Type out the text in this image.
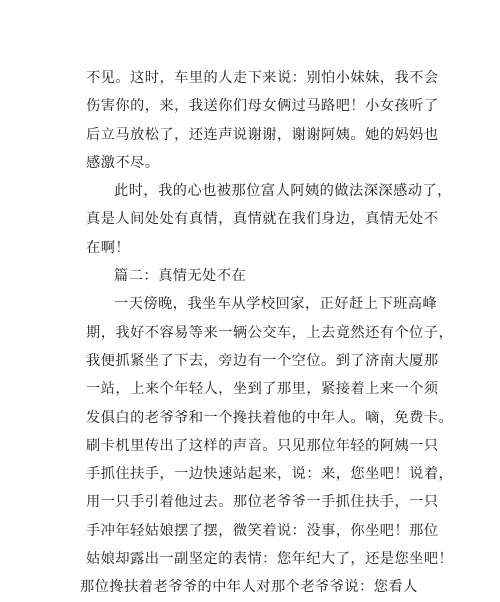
不见。这时，车里的人走下来说：别怕小妹妹，我不会
伤害你的，来，我送你们母女俩过马路吧！小女孩听了
后立马放松了，还连声说谢谢，谢谢阿姨。她的妈妈也
感激不尽。
此时，我的心也被那位富人阿姨的做法深深感动了，
真是人间处处有真情，真情就在我们身边，真情无处不
在啊！
篇二：真情无处不在
一天傍晚，我坐车从学校回家，正好赶上下班高峰
期，我好不容易等来一辆公交车，上去竟然还有个位子，
我便抓紧坐了下去，旁边有一个空位。到了济南大厦那
一站，上来个年轻人，坐到了那里，紧接着上来一个须
发俱白的老爷爷和一个搀扶着他的中年人。嘀，免费卡。
刷卡机里传出了这样的声音。只见那位年轻的阿姨一只
手抓住扶手，一边快速站起来，说：来，您坐吧！说着，
用一只手引着他过去。那位老爷爷一手抓住扶手，一只
手冲年轻姑娘摆了摆，微笑着说：没事，你坐吧！那位
姑娘却露出一副坚定的表情：您年纪大了，还是您坐吧！
那位搀扶着老爷爷的中年人对那个老爷爷说：您看人
